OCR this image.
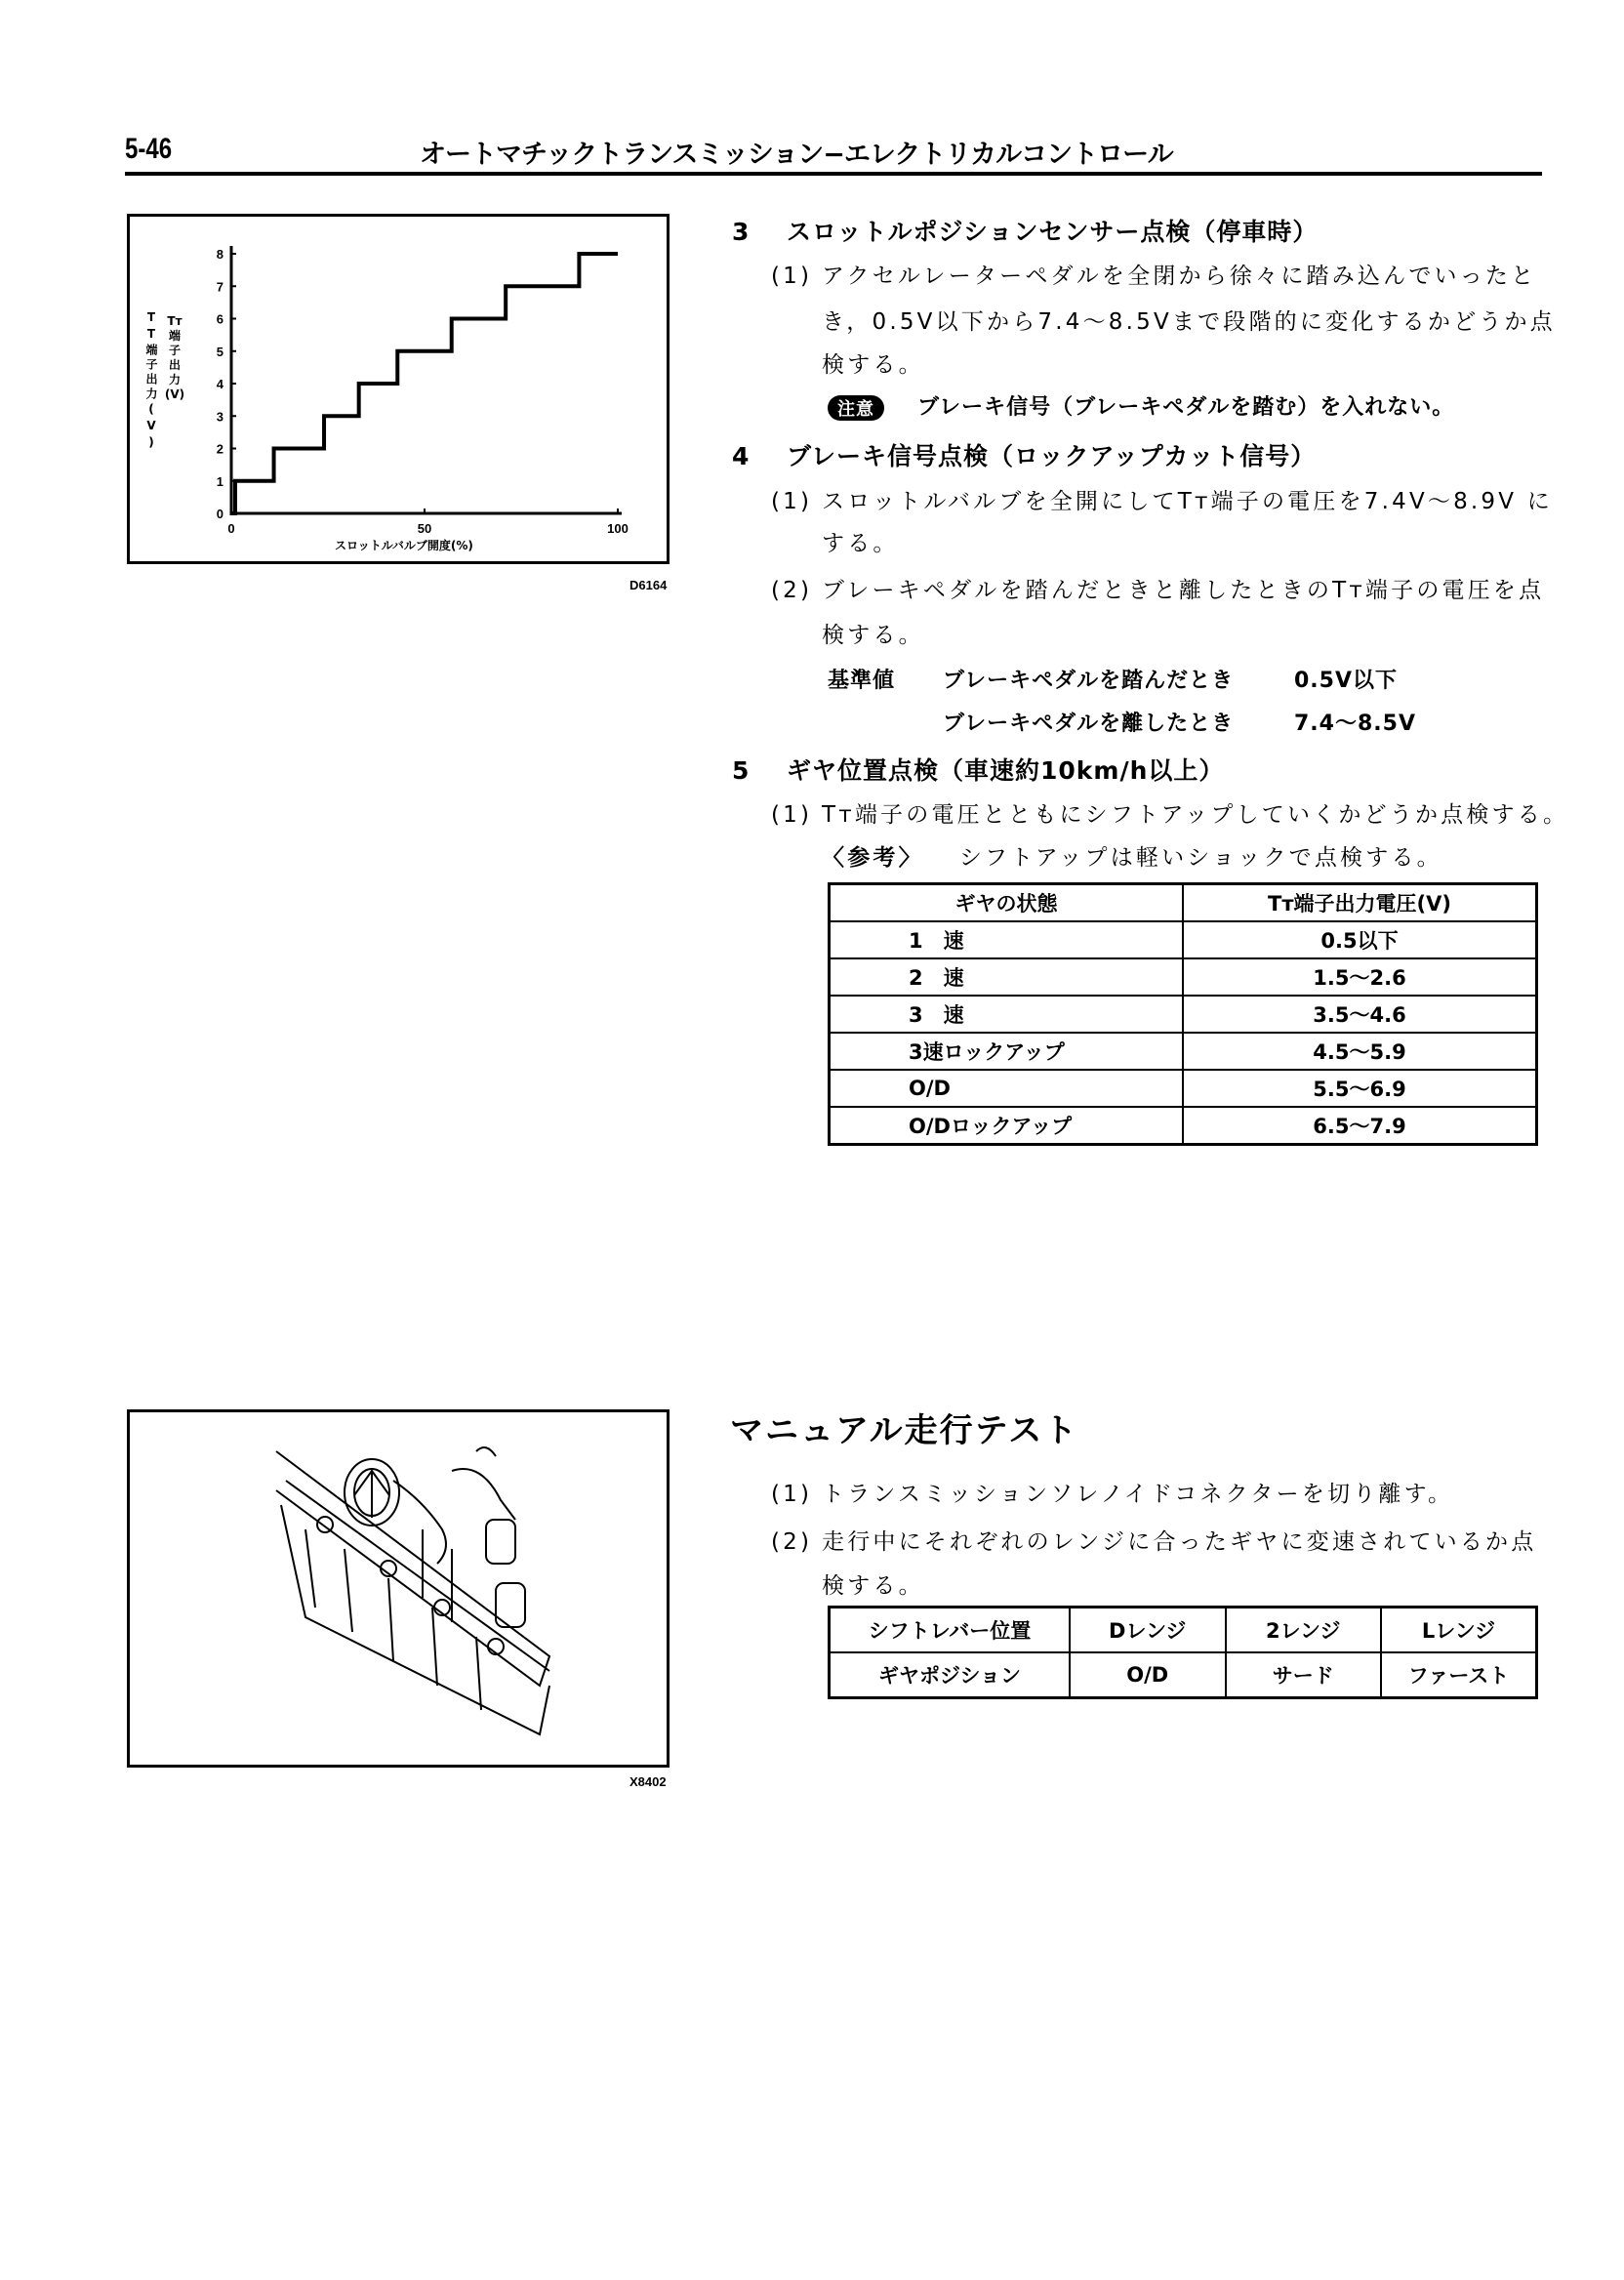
5-46	オートマチックトランスミッション−エレクトリカルコントロール
0
1
2
3
4
5
6
7
8
0	50	100
Tт
端
子
出
力
(V)
TT端子出力(V)
スロットルバルブ開度(%)
D6164
3 スロットルポジションセンサー点検（停車時）
(1) アクセルレーターペダルを全閉から徐々に踏み込んでいったと
き，0.5V以下から7.4〜8.5Vまで段階的に変化するかどうか点
検する。
注意 ブレーキ信号（ブレーキペダルを踏む）を入れない。
4 ブレーキ信号点検（ロックアップカット信号）
(1) スロットルバルブを全開にしてTт端子の電圧を7.4V〜8.9V に
する。
(2) ブレーキペダルを踏んだときと離したときのTт端子の電圧を点
検する。
基準値 ブレーキペダルを踏んだとき	0.5V以下
ブレーキペダルを離したとき	7.4〜8.5V
5 ギヤ位置点検（車速約10km/h以上）
(1) Tт端子の電圧とともにシフトアップしていくかどうか点検する。
〈参考〉 シフトアップは軽いショックで点検する。
ギヤの状態	Tт端子出力電圧(V)
1　速	0.5以下
2　速	1.5〜2.6
3　速	3.5〜4.6
3速ロックアップ	4.5〜5.9
O/D	5.5〜6.9
O/Dロックアップ	6.5〜7.9
X8402
マニュアル走行テスト
(1) トランスミッションソレノイドコネクターを切り離す。
(2) 走行中にそれぞれのレンジに合ったギヤに変速されているか点
検する。
シフトレバー位置	Dレンジ	2レンジ	Lレンジ
ギヤポジション	O/D	サード	ファースト
